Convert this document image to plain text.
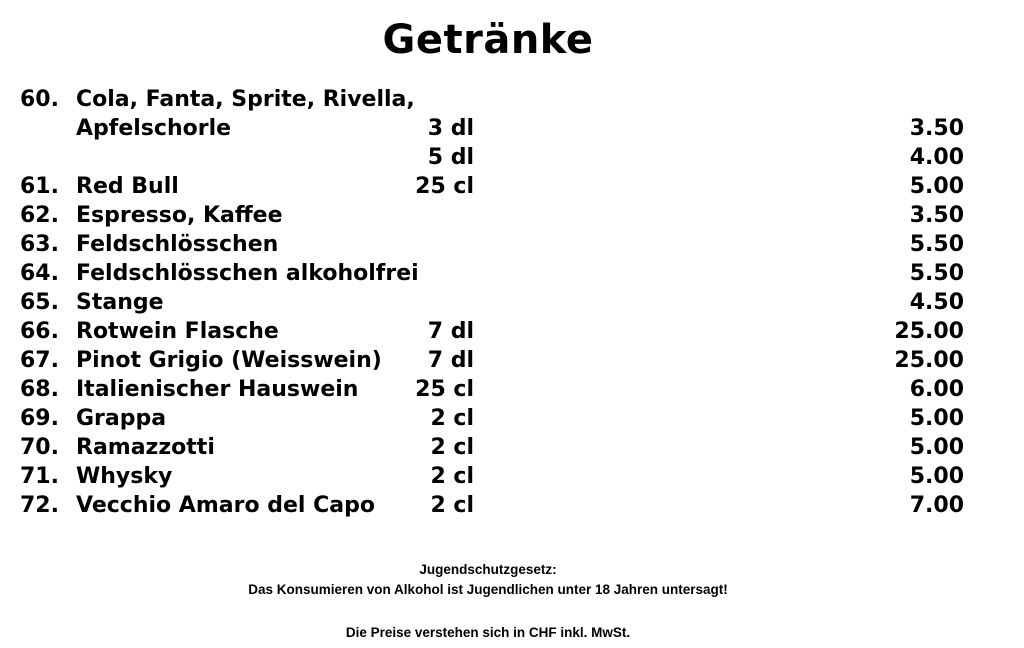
Getränke
60. Cola, Fanta, Sprite, Rivella,
Apfelschorle	3 dl	3.50
5 dl	4.00
61. Red Bull	25 cl	5.00
62. Espresso, Kaffee	3.50
63. Feldschlösschen	5.50
64. Feldschlösschen alkoholfrei	5.50
65. Stange	4.50
66. Rotwein Flasche	7 dl	25.00
67. Pinot Grigio (Weisswein)	7 dl	25.00
68. Italienischer Hauswein	25 cl	6.00
69. Grappa	2 cl	5.00
70. Ramazzotti	2 cl	5.00
71. Whysky	2 cl	5.00
72. Vecchio Amaro del Capo	2 cl	7.00
Jugendschutzgesetz:
Das Konsumieren von Alkohol ist Jugendlichen unter 18 Jahren untersagt!
Die Preise verstehen sich in CHF inkl. MwSt.
